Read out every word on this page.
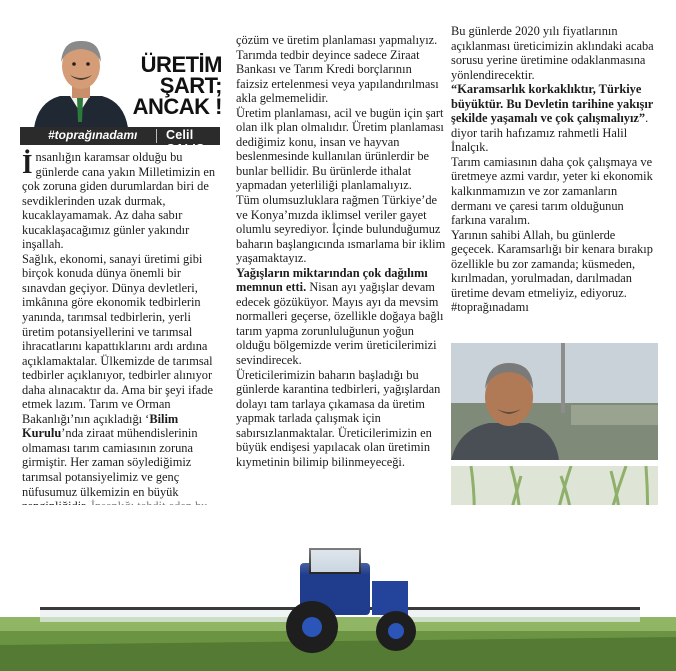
ÜRETİM
ŞART;
ANCAK !
#toprağınadamı Celil ÇALIŞ

İnsanlığın karamsar olduğu bu günlerde cana yakın Milletimizin en çok zoruna giden durumlardan biri de sevdiklerinden uzak durmak, kucaklayamamak. Az daha sabır kucaklaşacağımız günler yakındır inşallah.

Sağlık, ekonomi, sanayi üretimi gibi birçok konuda dünya önemli bir sınavdan geçiyor. Dünya devletleri, imkânına göre ekonomik tedbirlerin yanında, tarımsal tedbirlerin, yerli üretim potansiyellerini ve tarımsal ihracatlarını kapattıklarını ardı ardına açıklamaktalar. Ülkemizde de tarımsal tedbirler açıklanıyor, tedbirler alınıyor daha alınacaktır da. Ama bir şeyi ifade etmek lazım. Tarım ve Orman Bakanlığı’nın açıkladığı ‘Bilim Kurulu’nda ziraat mühendislerinin olmaması tarım camiasının zoruna girmiştir. Her zaman söylediğimiz tarımsal potansiyelimiz ve genç nüfusumuz ülkemizin en büyük

çözüm ve üretim planlaması yapmalıyız. Tarımda tedbir deyince sadece Ziraat Bankası ve Tarım Kredi borçlarının faizsiz ertelenmesi veya yapılandırılması akla gelmemelidir.

Üretim planlaması, acil ve bugün için şart olan ilk plan olmalıdır. Üretim planlaması dediğimiz konu, insan ve hayvan beslenmesinde kullanılan ürünlerdir be bunlar bellidir. Bu ürünlerde ithalat yapmadan yeterliliği planlamalıyız.

Tüm olumsuzluklara rağmen Türkiye’de ve Konya’mızda iklimsel veriler gayet olumlu seyrediyor. İçinde bulunduğumuz baharın başlangıcında ısmarlama bir iklim yaşamaktayız.

Yağışların miktarından çok dağılımı memnun etti. Nisan ayı yağışlar devam edecek gözüküyor. Mayıs ayı da mevsim normalleri geçerse, özellikle doğaya bağlı tarım yapma zorunluluğunun yoğun olduğu bölgemizde verim üreticilerimizi sevindirecek.

Üreticilerimizin baharın başladığı bu günlerde karantina tedbirleri, yağışlardan dolayı tam tarlaya çıkamasa da üretim yapmak tarlada çalışmak için sabırsızlanmaktalar. Üreticilerimizin en büyük endişesi yapılacak olan üretimin kıymetinin bilimip bilinmeyeceği.

Bu günlerde 2020 yılı fiyatlarının açıklanması üreticimizin aklındaki acaba sorusu yerine üretimine odaklanmasına yönlendirecektir.

“Karamsarlık korkaklıktır, Türkiye büyüktür. Bu Devletin tarihine yakışır şekilde yaşamalı ve çok çalışmalıyız”. diyor tarih hafızamız rahmetli Halil İnalçık.

Tarım camiasının daha çok çalışmaya ve üretmeye azmi vardır, yeter ki ekonomik kalkınmamızın ve zor zamanların dermanı ve çaresi tarım olduğunun farkına varalım.

Yarının sahibi Allah, bu günlerde geçecek. Karamsarlığı bir kenara bırakıp özellikle bu zor zamanda; küsmeden, kırılmadan, yorulmadan, darılmadan üretime devam etmeliyiz, ediyoruz. #toprağınadamı
